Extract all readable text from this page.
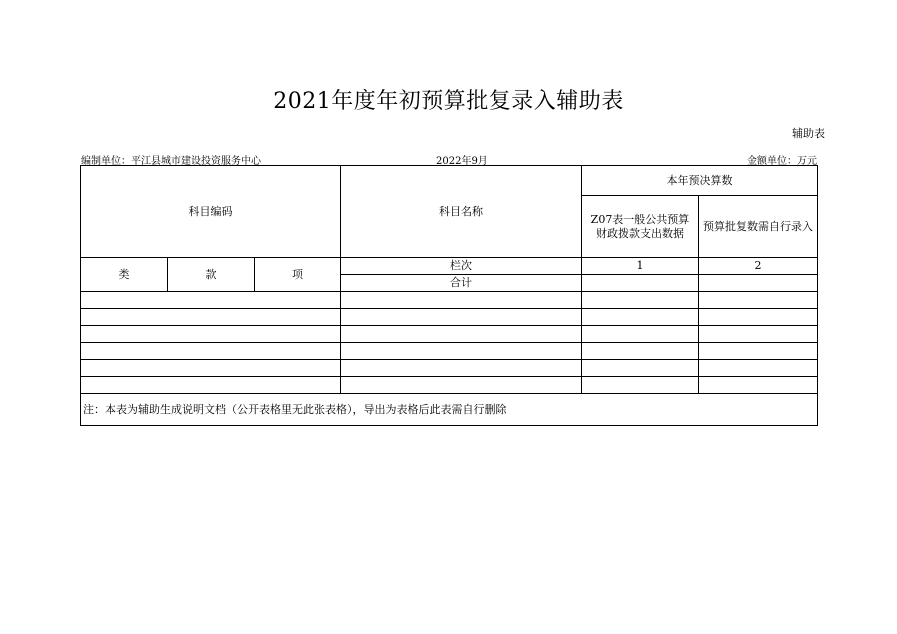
2021年度年初预算批复录入辅助表
辅助表
编制单位：平江县城市建设投资服务中心	2022年9月	金额单位：万元
科目编码			科目名称	本年预决算数	

				Z07表一般公共预算财政拨款支出数据	预算批复数需自行录入

类	款	项	栏次	1	2
			合计		

注：本表为辅助生成说明文档（公开表格里无此张表格），导出为表格后此表需自行删除					
